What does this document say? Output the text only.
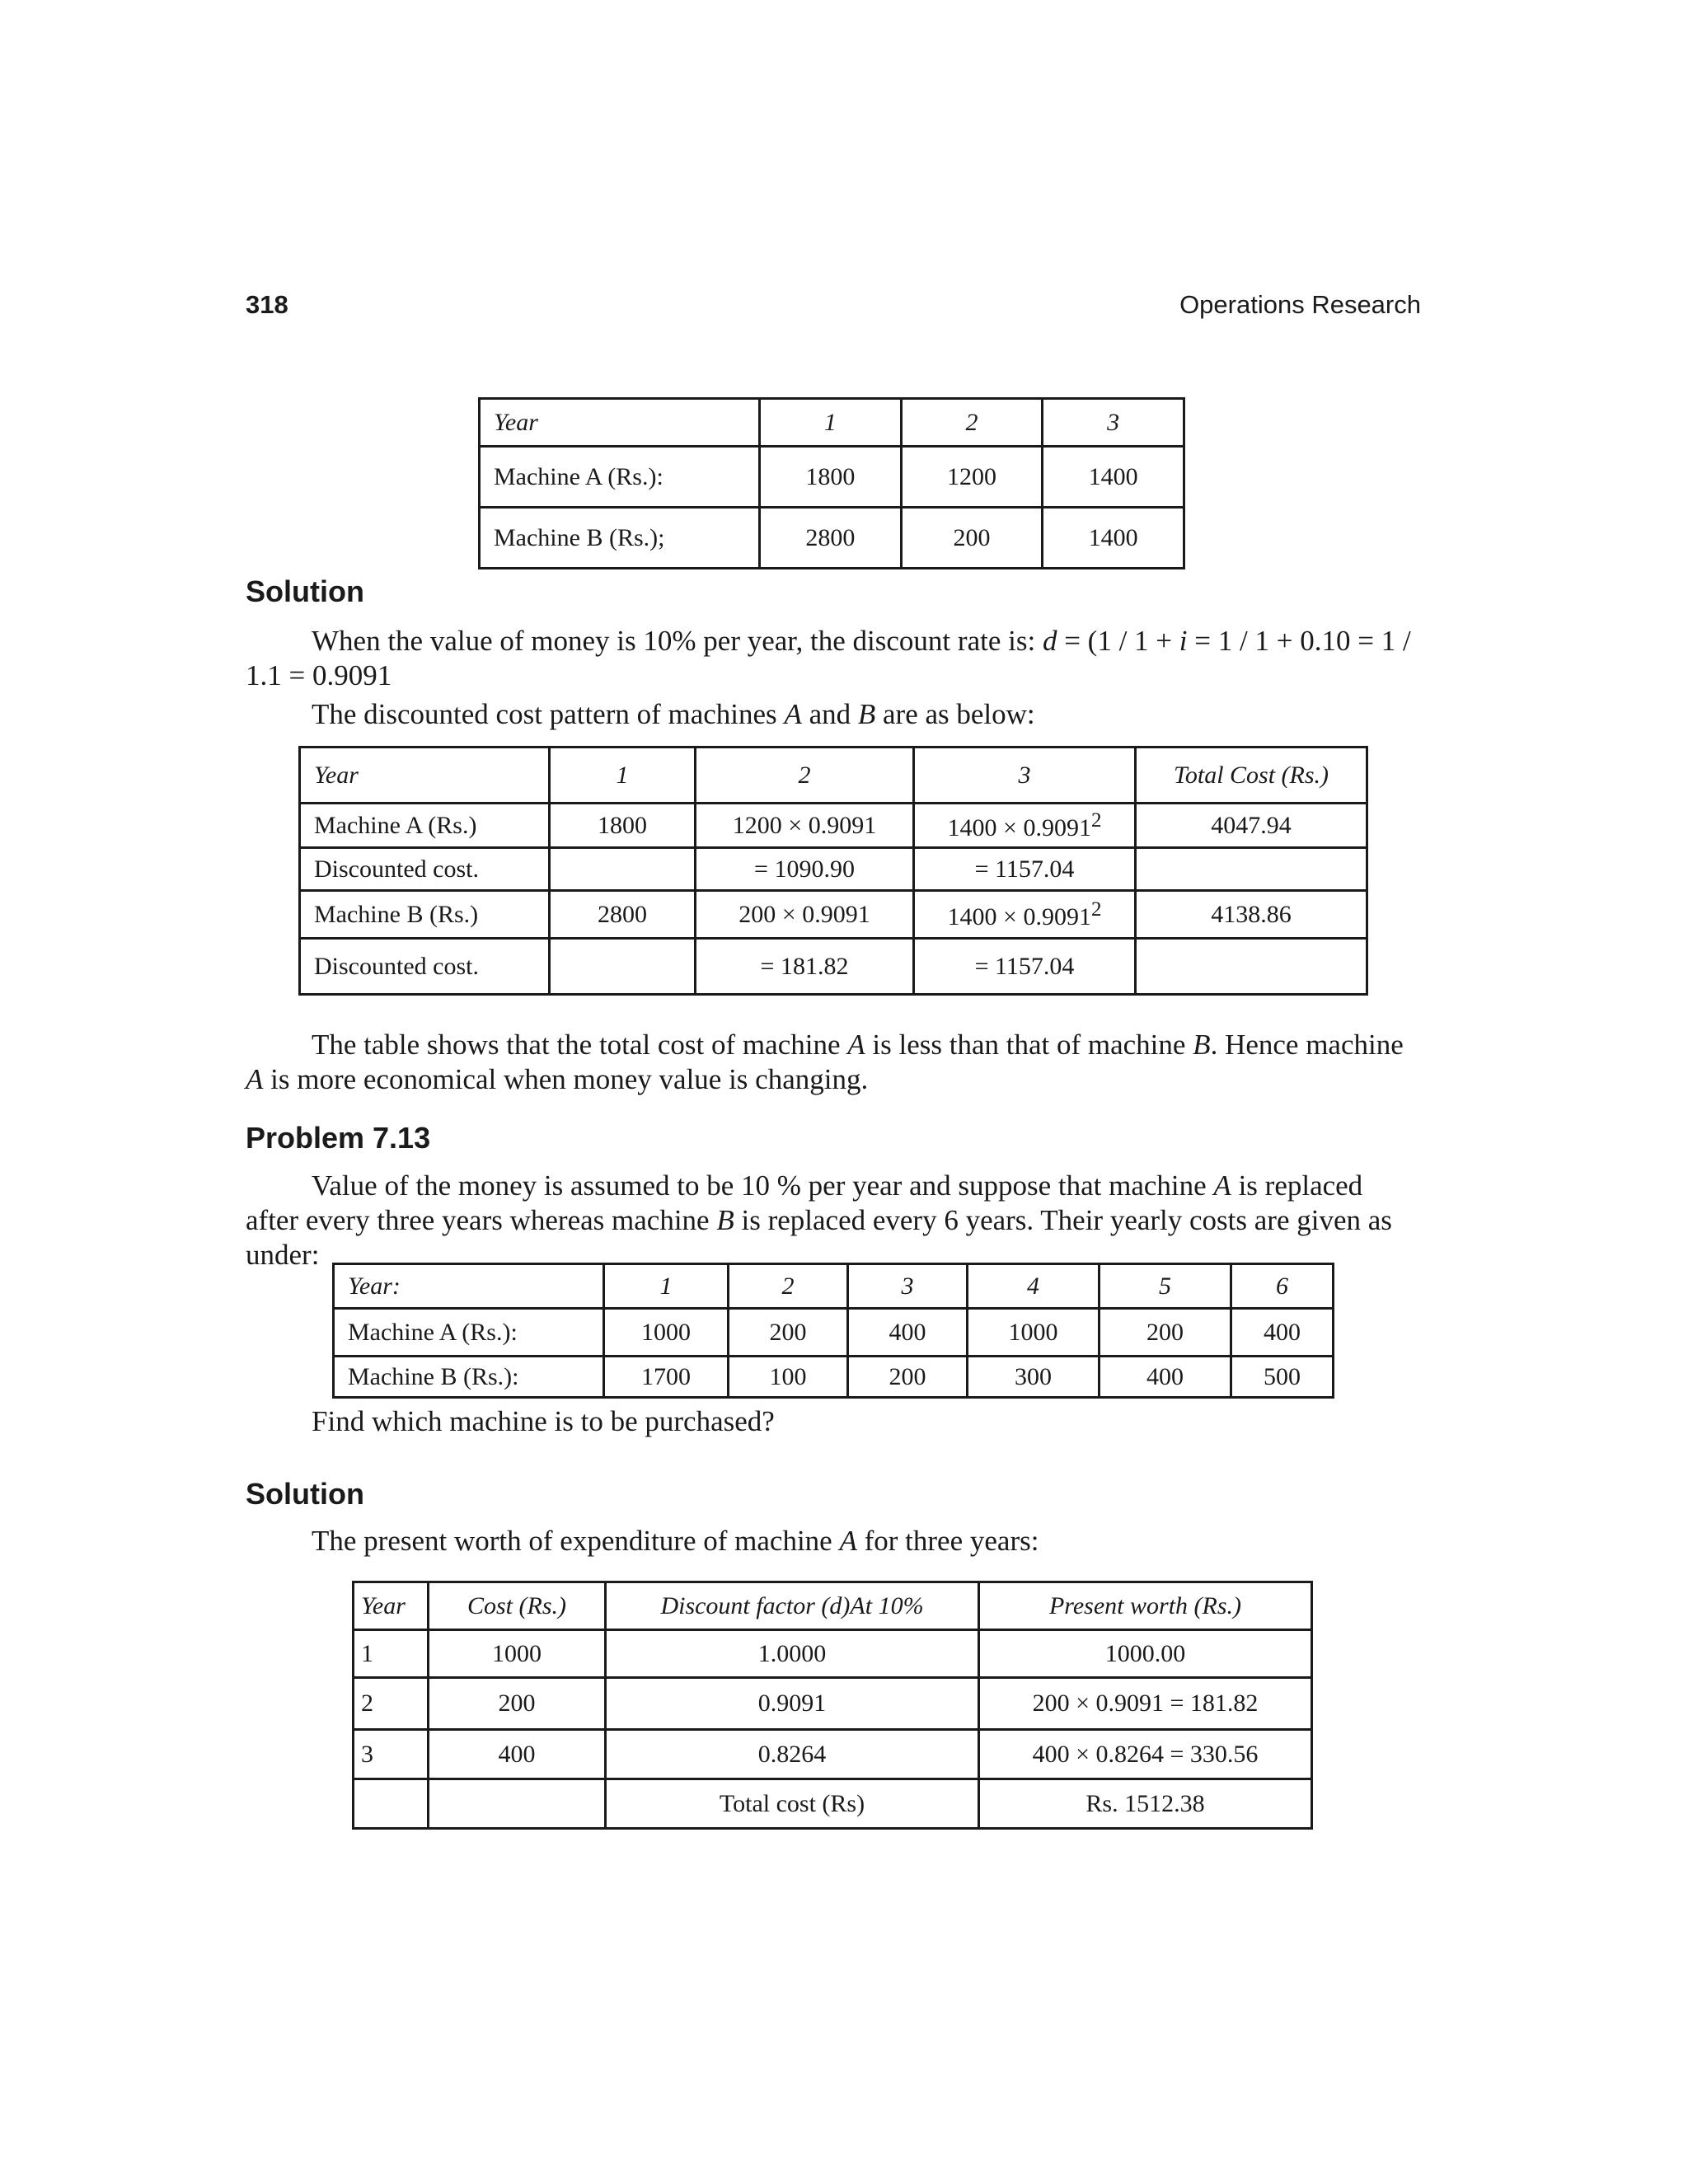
318	Operations Research
Year	1	2	3
Machine A (Rs.):	1800	1200	1400
Machine B (Rs.);	2800	200	1400
Solution
When the value of money is 10% per year, the discount rate is: d = (1 / 1 + i = 1 / 1 + 0.10 = 1 / 1.1 = 0.9091
The discounted cost pattern of machines A and B are as below:
Year	1	2	3	Total Cost (Rs.)
Machine A (Rs.)	1800	1200 × 0.9091	$1400 \times 0.9091^2$	4047.94
Discounted cost.		= 1090.90	= 1157.04	
Machine B (Rs.)	2800	200 × 0.9091	$1400 \times 0.9091^2$	4138.86
Discounted cost.		= 181.82	= 1157.04	
The table shows that the total cost of machine A is less than that of machine B. Hence machine A is more economical when money value is changing.
Problem 7.13
Value of the money is assumed to be 10 % per year and suppose that machine A is replaced after every three years whereas machine B is replaced every 6 years. Their yearly costs are given as under:
Year:	1	2	3	4	5	6
Machine A (Rs.):	1000	200	400	1000	200	400
Machine B (Rs.):	1700	100	200	300	400	500
Find which machine is to be purchased?
Solution
The present worth of expenditure of machine A for three years:
Year	Cost (Rs.)	Discount factor (d)At 10%	Present worth (Rs.)
1	1000	1.0000	1000.00
2	200	0.9091	200 × 0.9091 = 181.82
3	400	0.8264	400 × 0.8264 = 330.56
		Total cost (Rs)	Rs. 1512.38
